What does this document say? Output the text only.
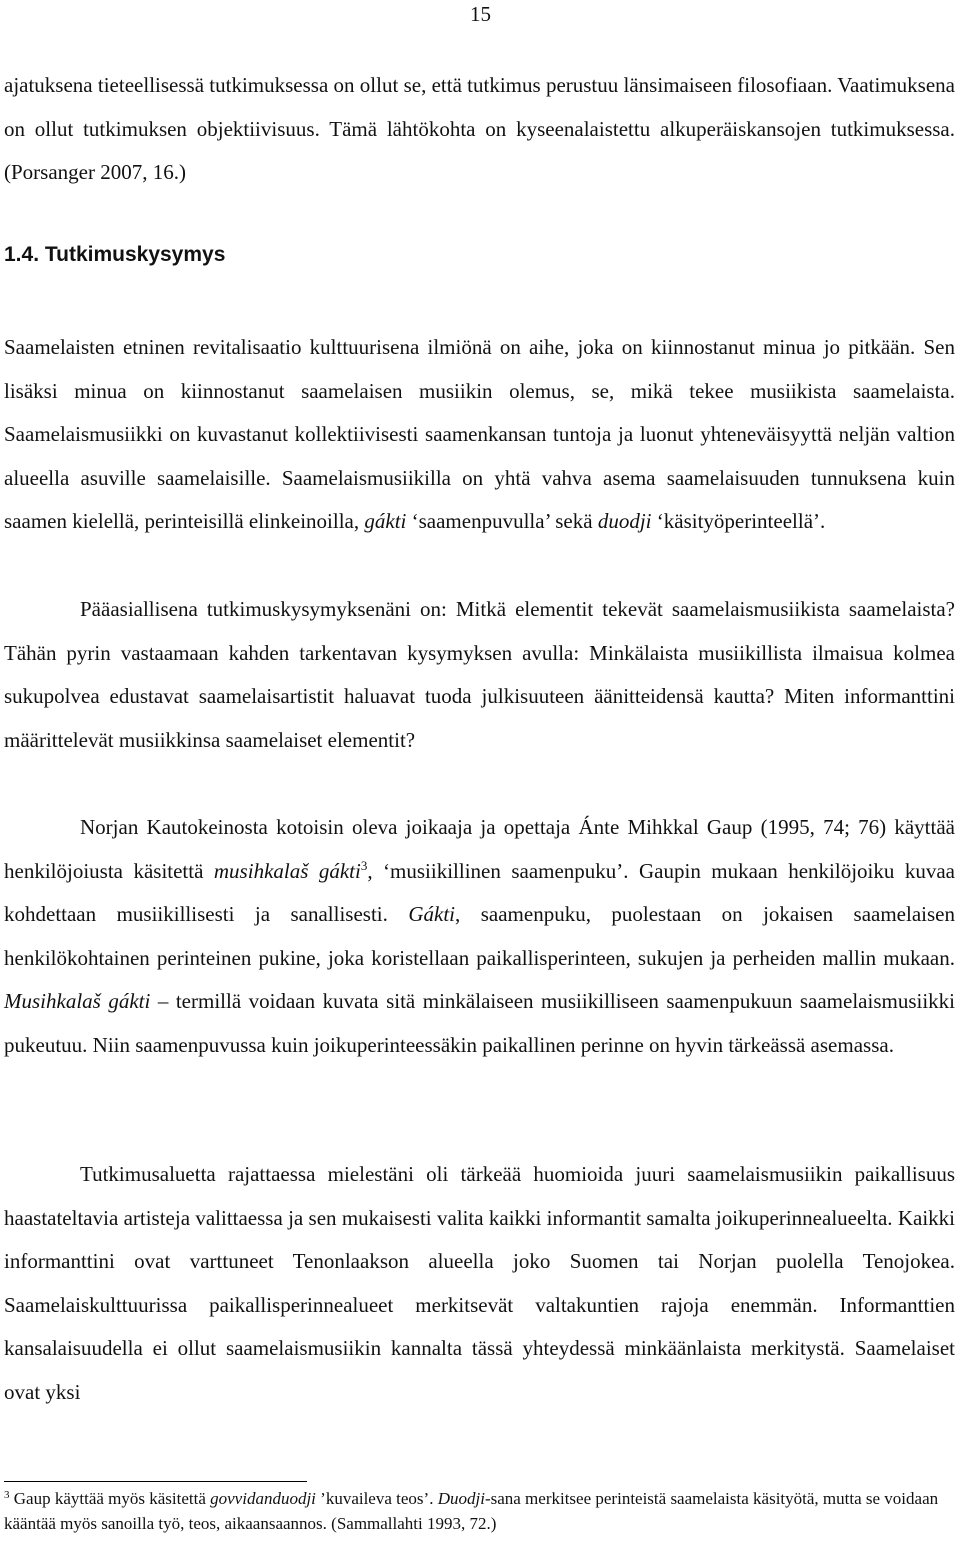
15

ajatuksena tieteellisessä tutkimuksessa on ollut se, että tutkimus perustuu länsimaiseen filosofiaan. Vaatimuksena on ollut tutkimuksen objektiivisuus. Tämä lähtökohta on kyseenalaistettu alkuperäiskansojen tutkimuksessa. (Porsanger 2007, 16.)

1.4. Tutkimuskysymys

Saamelaisten etninen revitalisaatio kulttuurisena ilmiönä on aihe, joka on kiinnostanut minua jo pitkään. Sen lisäksi minua on kiinnostanut saamelaisen musiikin olemus, se, mikä tekee musiikista saamelaista. Saamelaismusiikki on kuvastanut kollektiivisesti saamenkansan tuntoja ja luonut yhteneväisyyttä neljän valtion alueella asuville saamelaisille. Saamelaismusiikilla on yhtä vahva asema saamelaisuuden tunnuksena kuin saamen kielellä, perinteisillä elinkeinoilla, gákti ‘saamenpuvulla’ sekä duodji ‘käsityöperinteellä’.

Pääasiallisena tutkimuskysymyksenäni on: Mitkä elementit tekevät saamelaismusiikista saamelaista? Tähän pyrin vastaamaan kahden tarkentavan kysymyksen avulla: Minkälaista musiikillista ilmaisua kolmea sukupolvea edustavat saamelaisartistit haluavat tuoda julkisuuteen äänitteidensä kautta? Miten informanttini määrittelevät musiikkinsa saamelaiset elementit?

Norjan Kautokeinosta kotoisin oleva joikaaja ja opettaja Ánte Mihkkal Gaup (1995, 74; 76) käyttää henkilöjoiusta käsitettä musihkalaš gákti$^3$, ‘musiikillinen saamenpuku’. Gaupin mukaan henkilöjoiku kuvaa kohdettaan musiikillisesti ja sanallisesti. Gákti, saamenpuku, puolestaan on jokaisen saamelaisen henkilökohtainen perinteinen pukine, joka koristellaan paikallisperinteen, sukujen ja perheiden mallin mukaan. Musihkalaš gákti – termillä voidaan kuvata sitä minkälaiseen musiikilliseen saamenpukuun saamelaismusiikki pukeutuu. Niin saamenpuvussa kuin joikuperinteessäkin paikallinen perinne on hyvin tärkeässä asemassa.

Tutkimusaluetta rajattaessa mielestäni oli tärkeää huomioida juuri saamelaismusiikin paikallisuus haastateltavia artisteja valittaessa ja sen mukaisesti valita kaikki informantit samalta joikuperinnealueelta. Kaikki informanttini ovat varttuneet Tenonlaakson alueella joko Suomen tai Norjan puolella Tenojokea. Saamelaiskulttuurissa paikallisperinnealueet merkitsevät valtakuntien rajoja enemmän. Informanttien kansalaisuudella ei ollut saamelaismusiikin kannalta tässä yhteydessä minkäänlaista merkitystä. Saamelaiset ovat yksi

$^3$ Gaup käyttää myös käsitettä govvidanduodji ’kuvaileva teos’. Duodji-sana merkitsee perinteistä saamelaista käsityötä, mutta se voidaan kääntää myös sanoilla työ, teos, aikaansaannos. (Sammallahti 1993, 72.)
